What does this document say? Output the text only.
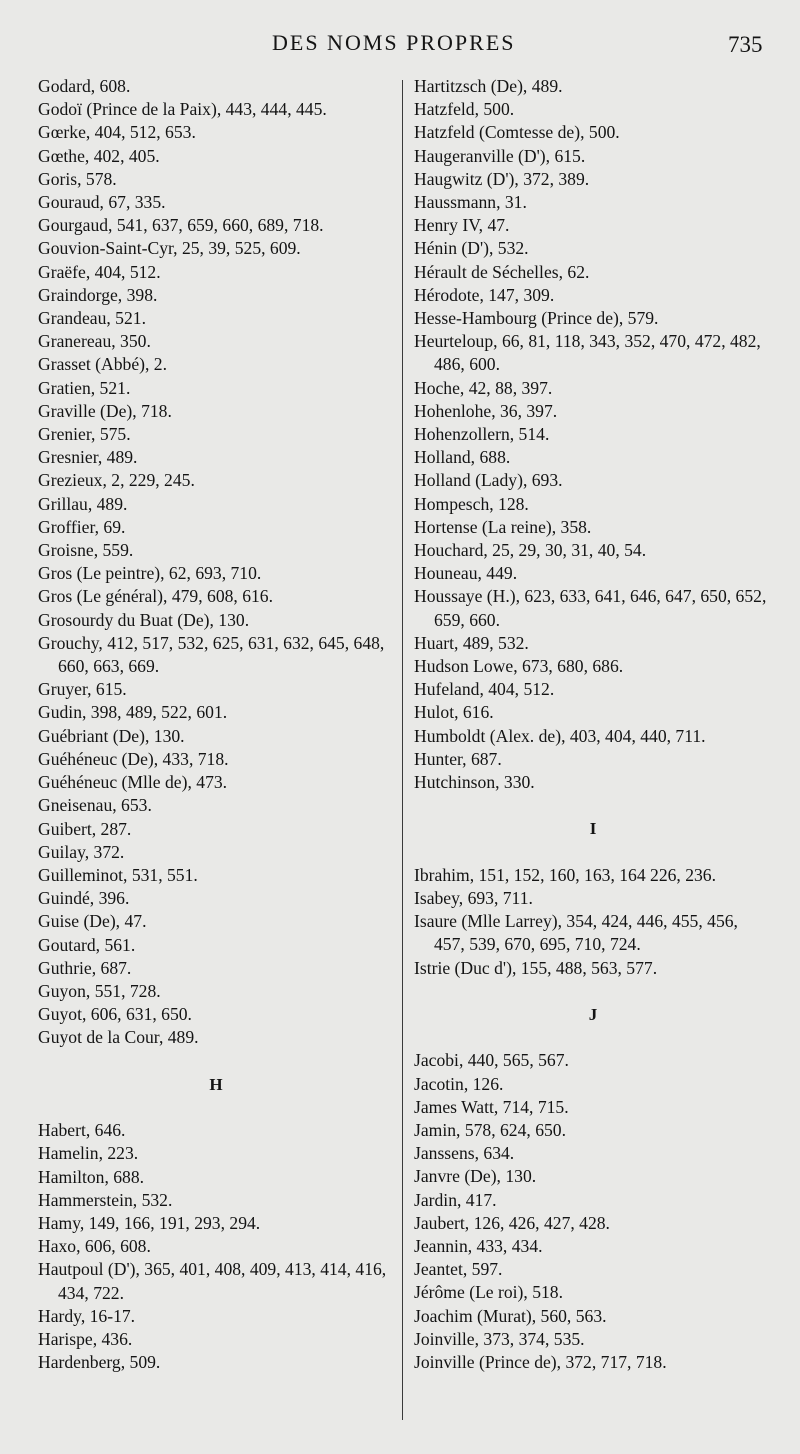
DES NOMS PROPRES	735
Godard, 608.
Godoï (Prince de la Paix), 443, 444, 445.
Gœrke, 404, 512, 653.
Gœthe, 402, 405.
Goris, 578.
Gouraud, 67, 335.
Gourgaud, 541, 637, 659, 660, 689, 718.
Gouvion-Saint-Cyr, 25, 39, 525, 609.
Graëfe, 404, 512.
Graindorge, 398.
Grandeau, 521.
Granereau, 350.
Grasset (Abbé), 2.
Gratien, 521.
Graville (De), 718.
Grenier, 575.
Gresnier, 489.
Grezieux, 2, 229, 245.
Grillau, 489.
Groffier, 69.
Groisne, 559.
Gros (Le peintre), 62, 693, 710.
Gros (Le général), 479, 608, 616.
Grosourdy du Buat (De), 130.
Grouchy, 412, 517, 532, 625, 631, 632, 645, 648, 660, 663, 669.
Gruyer, 615.
Gudin, 398, 489, 522, 601.
Guébriant (De), 130.
Guéhéneuc (De), 433, 718.
Guéhéneuc (Mlle de), 473.
Gneisenau, 653.
Guibert, 287.
Guilay, 372.
Guilleminot, 531, 551.
Guindé, 396.
Guise (De), 47.
Goutard, 561.
Guthrie, 687.
Guyon, 551, 728.
Guyot, 606, 631, 650.
Guyot de la Cour, 489.
H
Habert, 646.
Hamelin, 223.
Hamilton, 688.
Hammerstein, 532.
Hamy, 149, 166, 191, 293, 294.
Haxo, 606, 608.
Hautpoul (D'), 365, 401, 408, 409, 413, 414, 416, 434, 722.
Hardy, 16-17.
Harispe, 436.
Hardenberg, 509.
Hartitzsch (De), 489.
Hatzfeld, 500.
Hatzfeld (Comtesse de), 500.
Haugeranville (D'), 615.
Haugwitz (D'), 372, 389.
Haussmann, 31.
Henry IV, 47.
Hénin (D'), 532.
Hérault de Séchelles, 62.
Hérodote, 147, 309.
Hesse-Hambourg (Prince de), 579.
Heurteloup, 66, 81, 118, 343, 352, 470, 472, 482, 486, 600.
Hoche, 42, 88, 397.
Hohenlohe, 36, 397.
Hohenzollern, 514.
Holland, 688.
Holland (Lady), 693.
Hompesch, 128.
Hortense (La reine), 358.
Houchard, 25, 29, 30, 31, 40, 54.
Houneau, 449.
Houssaye (H.), 623, 633, 641, 646, 647, 650, 652, 659, 660.
Huart, 489, 532.
Hudson Lowe, 673, 680, 686.
Hufeland, 404, 512.
Hulot, 616.
Humboldt (Alex. de), 403, 404, 440, 711.
Hunter, 687.
Hutchinson, 330.
I
Ibrahim, 151, 152, 160, 163, 164 226, 236.
Isabey, 693, 711.
Isaure (Mlle Larrey), 354, 424, 446, 455, 456, 457, 539, 670, 695, 710, 724.
Istrie (Duc d'), 155, 488, 563, 577.
J
Jacobi, 440, 565, 567.
Jacotin, 126.
James Watt, 714, 715.
Jamin, 578, 624, 650.
Janssens, 634.
Janvre (De), 130.
Jardin, 417.
Jaubert, 126, 426, 427, 428.
Jeannin, 433, 434.
Jeantet, 597.
Jérôme (Le roi), 518.
Joachim (Murat), 560, 563.
Joinville, 373, 374, 535.
Joinville (Prince de), 372, 717, 718.
